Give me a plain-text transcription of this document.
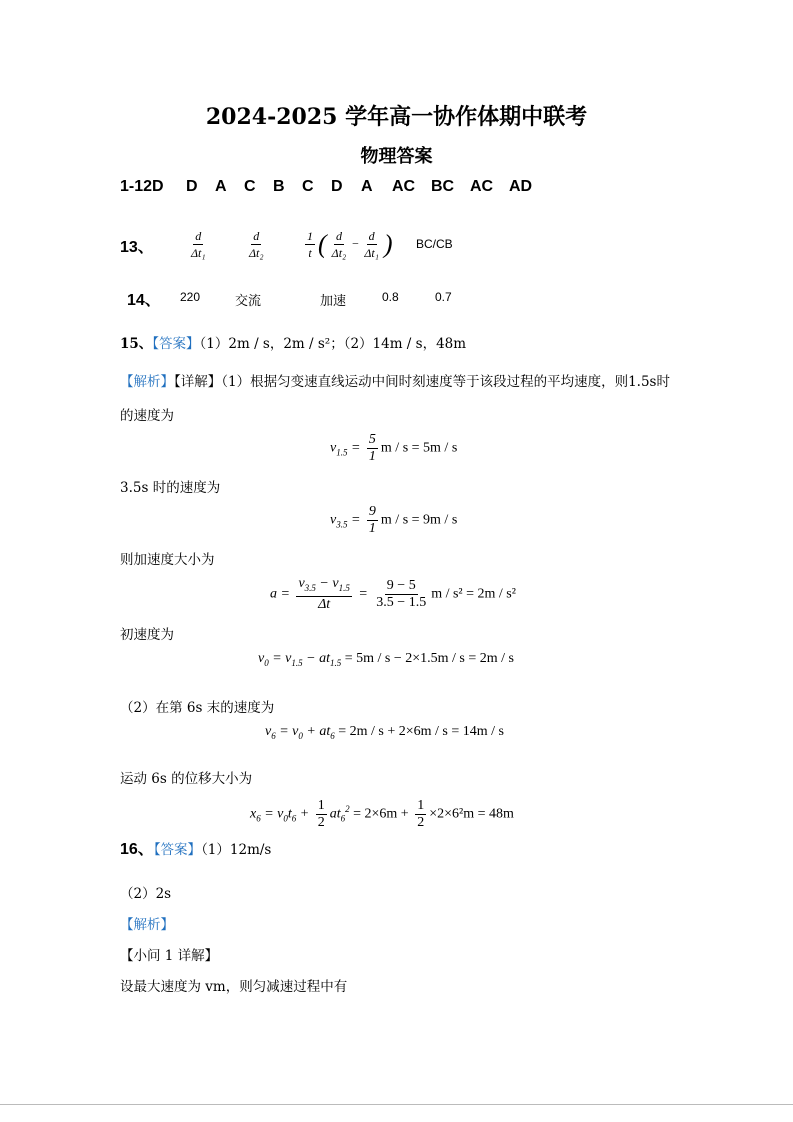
2024-2025 学年高一协作体期中联考
物理答案
1-12D D A C B C D A AC BC AC AD
13、	$\frac{d}{\text{Δt₁}}$	$\frac{d}{\text{Δt₂}}$	$\frac{1}{t}$ ( $\frac{d}{\text{Δt₂}} - \frac{d}{\text{Δt₁}}$ ) BC/CB
14、 220	交流	加速	0.8	0.7
15、【答案】（1）2m / s，2m / s²；（2）14m / s，48m
【解析】【详解】（1）根据匀变速直线运动中间时刻速度等于该段过程的平均速度，则1.5s时
的速度为
$v_{1.5} = \frac{5}{1}$ m / s = 5m / s
3.5s 时的速度为
$v_{3.5} = \frac{9}{1}$ m / s = 9m / s
则加速度大小为
$a = \frac{v_{3.5} - v_{1.5}}{\Delta t} = \frac{9 - 5}{3.5 - 1.5}$ m / s² = 2m / s²
初速度为
$v_0 = v_{1.5} - at_{1.5} = 5m / s - 2\times 1.5m / s = 2m / s$
（2）在第 6s 末的速度为
$v_6 = v_0 + at_6 = 2m / s + 2\times 6m / s = 14m / s$
运动 6s 的位移大小为
$x_6 = v_0t_6 + \frac{1}{2} at_6^2 = 2\times 6m + \frac{1}{2} \times 2\times 6^2m = 48m$
16、【答案】（1）12m/s
（2）2s
【解析】
【小问 1 详解】
设最大速度为 vm，则匀减速过程中有
